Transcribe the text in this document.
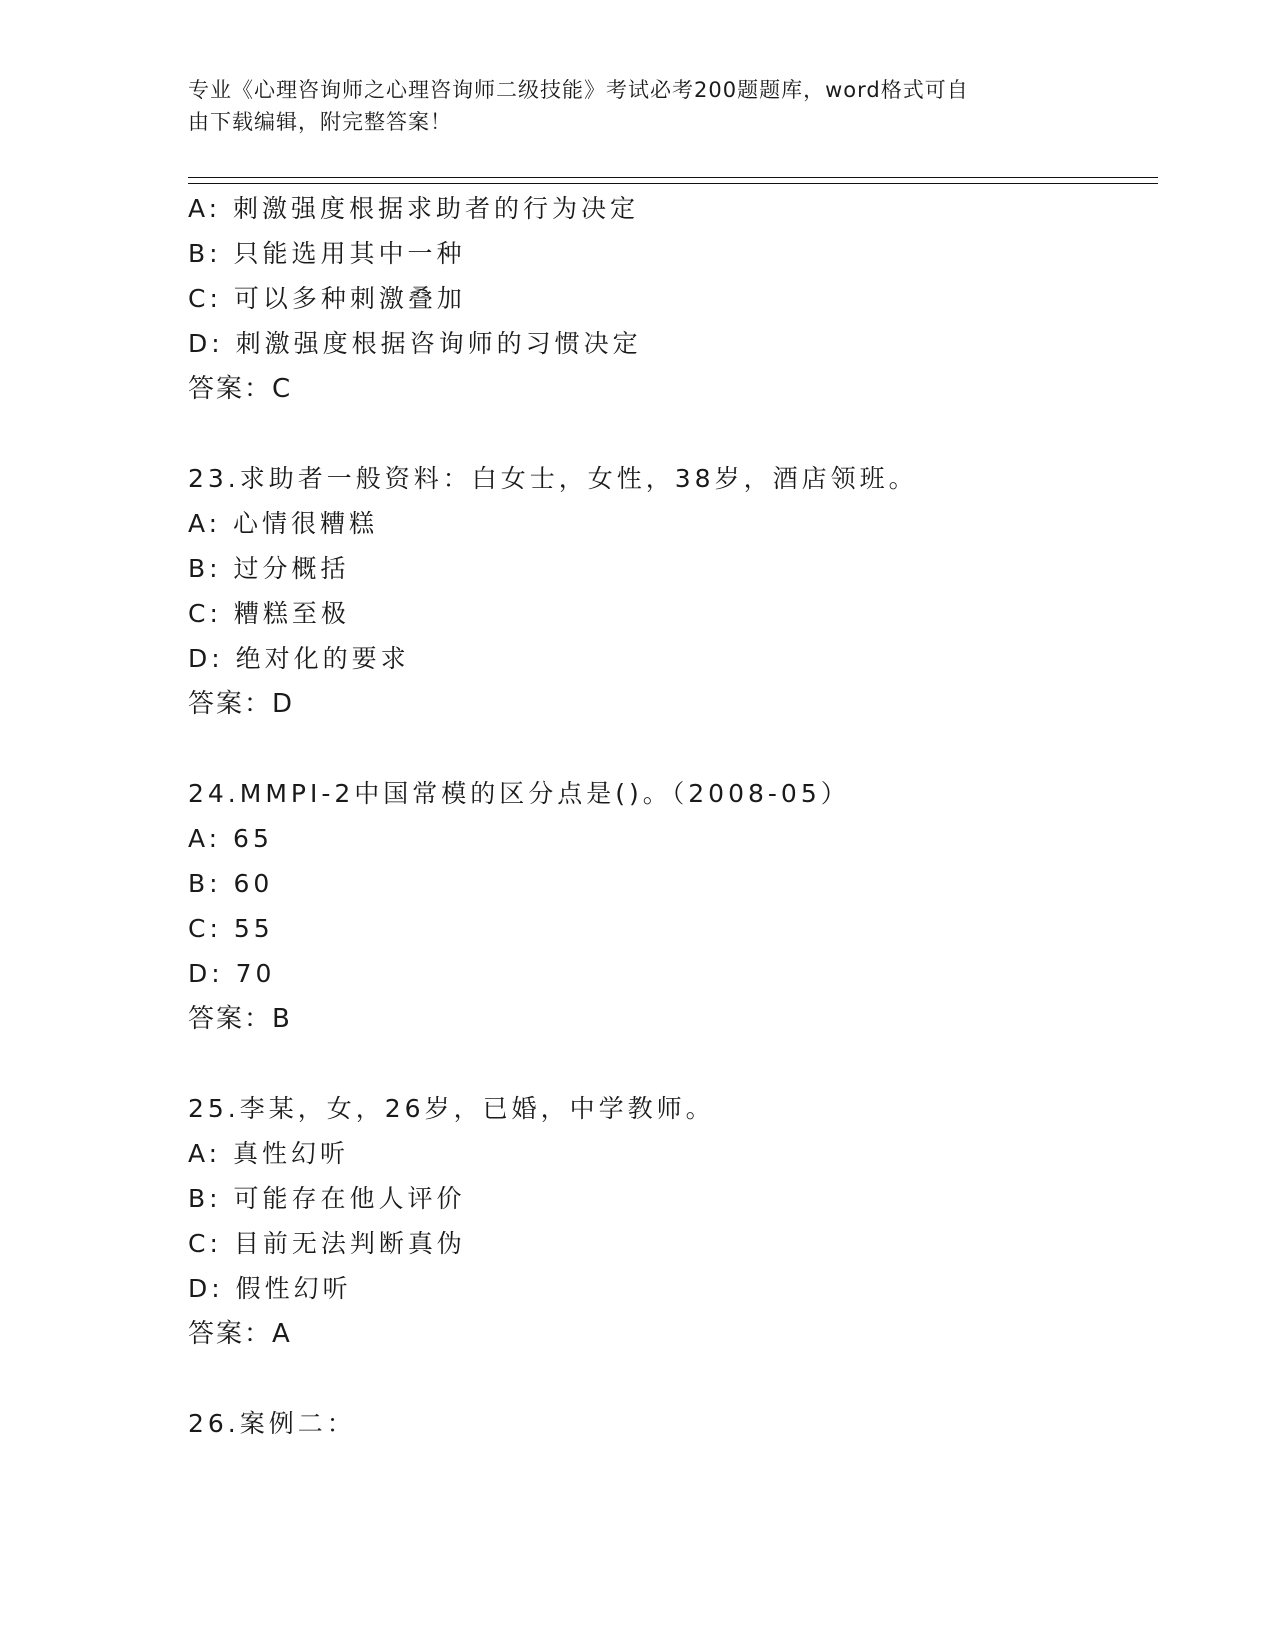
专业《心理咨询师之心理咨询师二级技能》考试必考200题题库，word格式可自
由下载编辑，附完整答案！
A: 刺激强度根据求助者的行为决定
B: 只能选用其中一种
C: 可以多种刺激叠加
D: 刺激强度根据咨询师的习惯决定
答案：C
23.求助者一般资料：白女士，女性，38岁，酒店领班。
A: 心情很糟糕
B: 过分概括
C: 糟糕至极
D: 绝对化的要求
答案：D
24.MMPI-2中国常模的区分点是()。（2008-05）
A: 65
B: 60
C: 55
D: 70
答案：B
25.李某，女，26岁，已婚，中学教师。
A: 真性幻听
B: 可能存在他人评价
C: 目前无法判断真伪
D: 假性幻听
答案：A
26.案例二：
